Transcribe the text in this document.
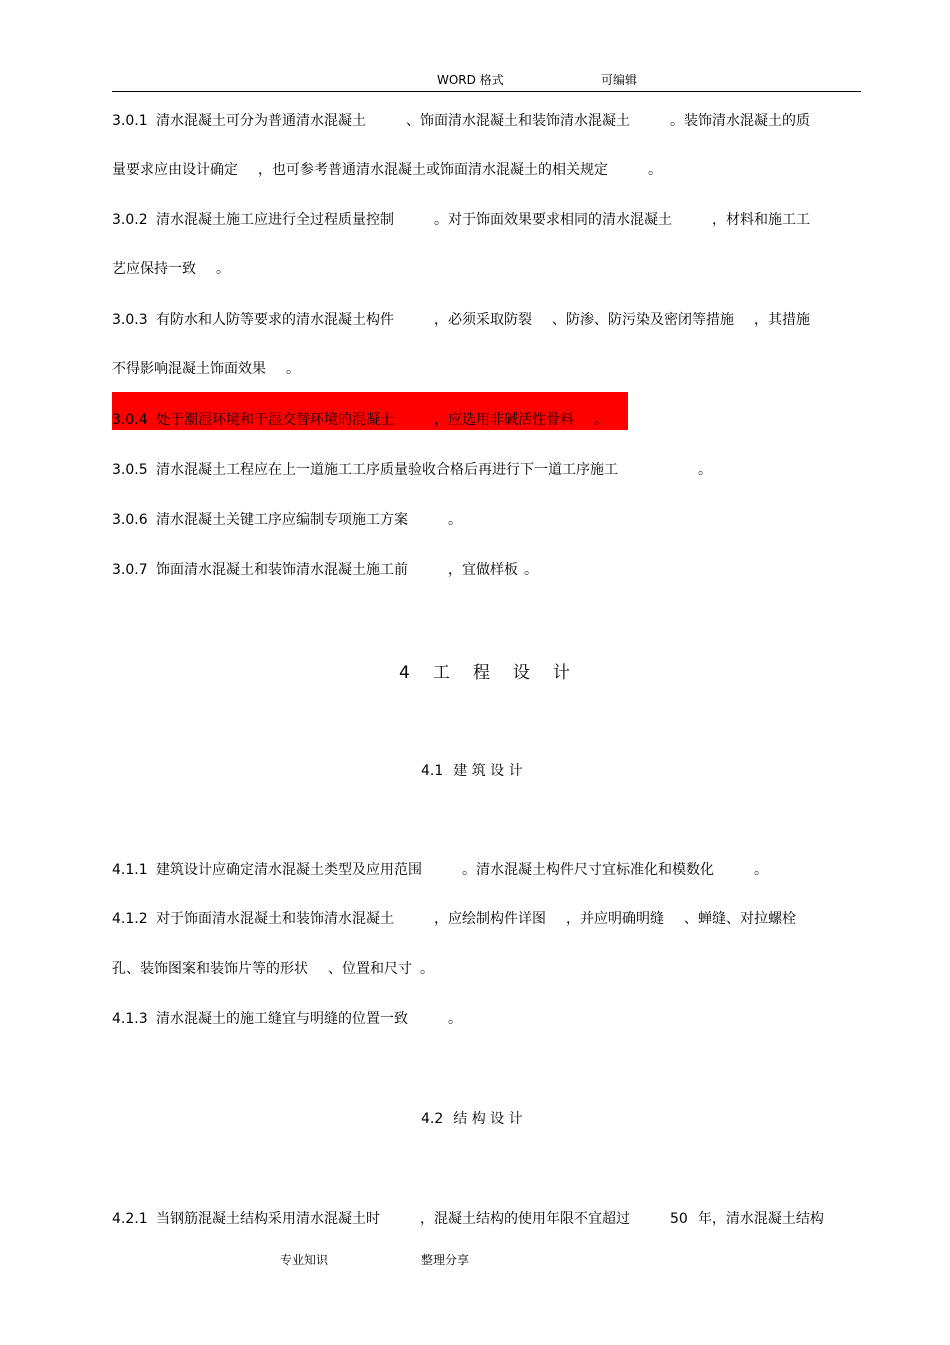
WORD 格式	可编辑
3.0.1 清水混凝土可分为普通清水混凝土	、饰面清水混凝土和装饰清水混凝土	。装饰清水混凝土的质
量要求应由设计确定 ，也可参考普通清水混凝土或饰面清水混凝土的相关规定	。
3.0.2 清水混凝土施工应进行全过程质量控制	。对于饰面效果要求相同的清水混凝土	，材料和施工工
艺应保持一致 。
3.0.3 有防水和人防等要求的清水混凝土构件	，必须采取防裂 、防渗、防污染及密闭等措施 ，其措施
不得影响混凝土饰面效果 。
3.0.4 处于潮湿环境和干湿交替环境的混凝土	，应选用非碱活性骨料 。
3.0.5 清水混凝土工程应在上一道施工工序质量验收合格后再进行下一道工序施工	。
3.0.6 清水混凝土关键工序应编制专项施工方案	。
3.0.7 饰面清水混凝土和装饰清水混凝土施工前	，宜做样板 。
4 工 程 设 计
4.1 建 筑 设 计
4.1.1 建筑设计应确定清水混凝土类型及应用范围	。清水混凝土构件尺寸宜标准化和模数化	。
4.1.2 对于饰面清水混凝土和装饰清水混凝土	，应绘制构件详图 ，并应明确明缝 、蝉缝、对拉螺栓
孔、装饰图案和装饰片等的形状 、位置和尺寸 。
4.1.3 清水混凝土的施工缝宜与明缝的位置一致	。
4.2 结 构 设 计
4.2.1 当钢筋混凝土结构采用清水混凝土时	，混凝土结构的使用年限不宜超过	50 年，清水混凝土结构
专业知识	整理分享
